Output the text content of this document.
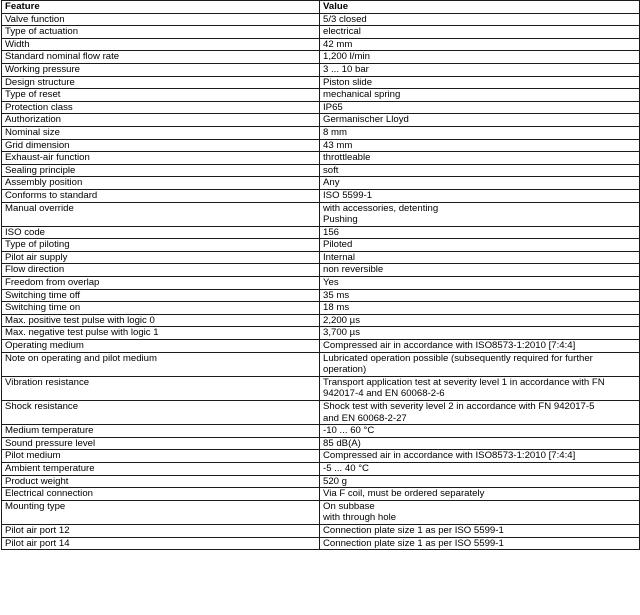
Feature	Value
Valve function	5/3 closed

Type of actuation	electrical

Width	42 mm

Standard nominal flow rate	1,200 l/min

Working pressure	3 ... 10 bar

Design structure	Piston slide

Type of reset	mechanical spring

Protection class	IP65

Authorization	Germanischer Lloyd

Nominal size	8 mm

Grid dimension	43 mm

Exhaust-air function	throttleable

Sealing principle	soft

Assembly position	Any

Conforms to standard	ISO 5599-1

Manual override	with accessories, detenting
Pushing

ISO code	156

Type of piloting	Piloted

Pilot air supply	Internal

Flow direction	non reversible

Freedom from overlap	Yes

Switching time off	35 ms

Switching time on	18 ms

Max. positive test pulse with logic 0	2,200 µs

Max. negative test pulse with logic 1	3,700 µs

Operating medium	Compressed air in accordance with ISO8573-1:2010 [7:4:4]

Note on operating and pilot medium	Lubricated operation possible (subsequently required for further
operation)

Vibration resistance	Transport application test at severity level 1 in accordance with FN
942017-4 and EN 60068-2-6

Shock resistance	Shock test with severity level 2 in accordance with FN 942017-5
and EN 60068-2-27

Medium temperature	-10 ... 60 °C

Sound pressure level	85 dB(A)

Pilot medium	Compressed air in accordance with ISO8573-1:2010 [7:4:4]

Ambient temperature	-5 ... 40 °C

Product weight	520 g

Electrical connection	Via F coil, must be ordered separately

Mounting type	On subbase
with through hole

Pilot air port 12	Connection plate size 1 as per ISO 5599-1

Pilot air port 14	Connection plate size 1 as per ISO 5599-1
